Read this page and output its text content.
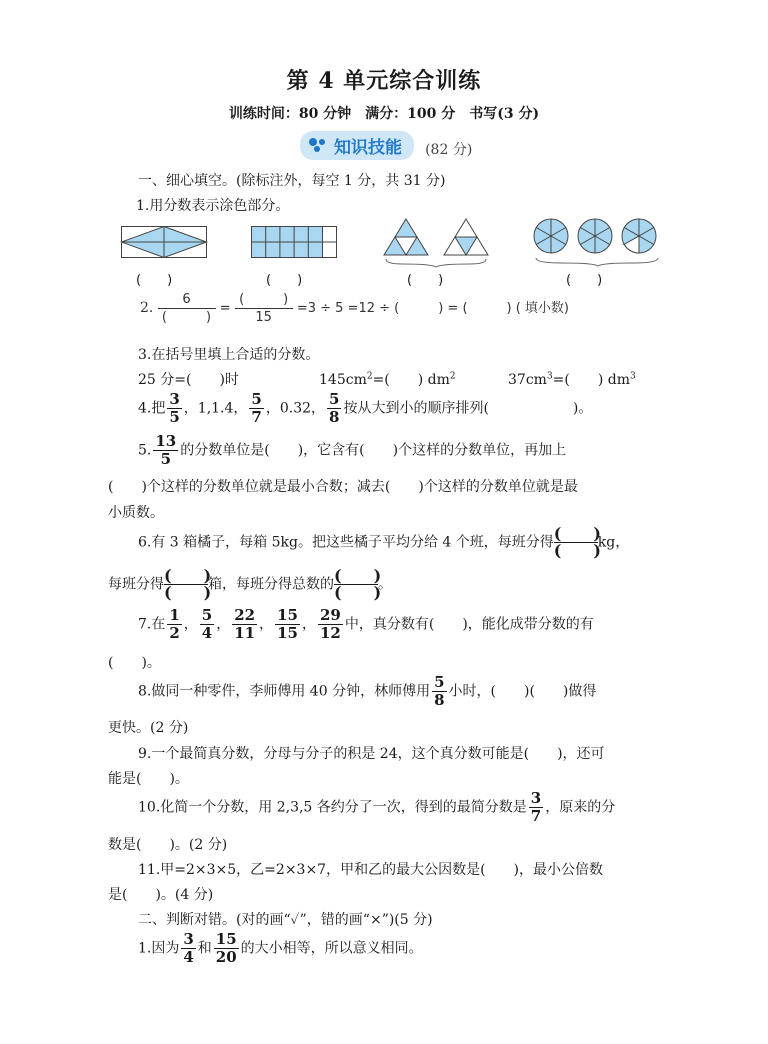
第 4 单元综合训练
训练时间：80 分钟　满分：100 分　书写(3 分)
知识技能 (82 分)
一、细心填空。(除标注外，每空 1 分，共 31 分)
1.用分数表示涂色部分。
(　　)	(　　)	(　　)	(　　)
2.
6
(　　　)
=
(　　　)
15
=3 ÷ 5 =12 ÷ (　　　) = (　　　) ( 填小数)
3.在括号里填上合适的分数。
25 分=(　　)时	$145cm^2=$(　　) $dm^2$	$37cm^3=$(　　) $dm^3$
4.把 $\frac{3}{5}$ ，1,1.4， $\frac{5}{7}$ ，0.32， $\frac{5}{8}$ 按从大到小的顺序排列(　　　　　　)。
5. $\frac{13}{5}$ 的分数单位是(　　)，它含有(　　)个这样的分数单位，再加上
(　　)个这样的分数单位就是最小合数；减去(　　)个这样的分数单位就是最
小质数。
6.有 3 箱橘子，每箱 5kg。把这些橘子平均分给 4 个班，每班分得 (　　)
(　　)
kg，
每班分得 (　　)
(　　)
箱，每班分得总数的 (　　)
(　　)
。
7.在 $\frac{1}{2}$ ， $\frac{5}{4}$ ， $\frac{22}{11}$ ， $\frac{15}{15}$ ， $\frac{29}{12}$ 中，真分数有(　　)，能化成带分数的有
(　　)。
8.做同一种零件，李师傅用 40 分钟，林师傅用 $\frac{5}{8}$ 小时，(　　)(　　)做得
更快。(2 分)
9.一个最简真分数，分母与分子的积是 24，这个真分数可能是(　　)，还可
能是(　　)。
10.化简一个分数，用 2,3,5 各约分了一次，得到的最简分数是 $\frac{3}{7}$ ，原来的分
数是(　　)。(2 分)
11.甲=2×3×5，乙=2×3×7，甲和乙的最大公因数是(　　)，最小公倍数
是(　　)。(4 分)
二、判断对错。(对的画“✓”，错的画“×”)(5 分)
1.因为 $\frac{3}{4}$ 和 $\frac{15}{20}$ 的大小相等，所以意义相同。
